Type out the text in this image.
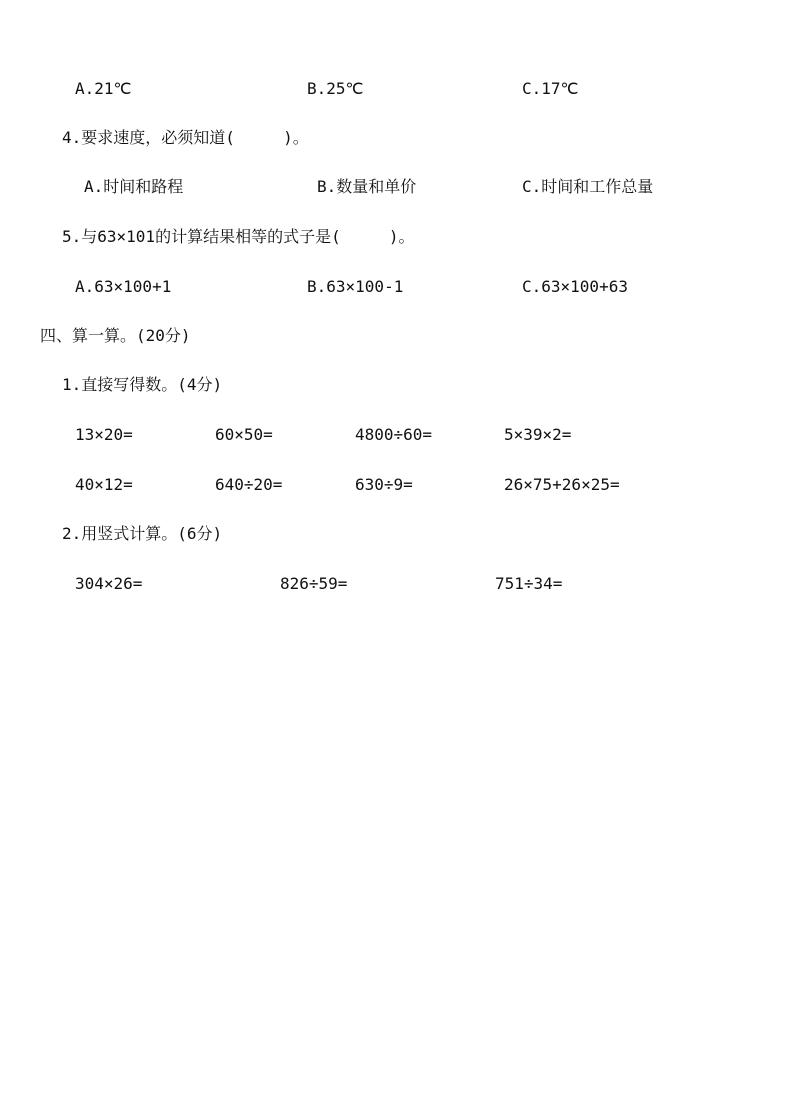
A.21℃	B.25℃	C.17℃
4.要求速度，必须知道(     )。
A.时间和路程	B.数量和单价	C.时间和工作总量
5.与63×101的计算结果相等的式子是(     )。
A.63×100+1	B.63×100-1	C.63×100+63
四、算一算。(20分)
1.直接写得数。(4分)
13×20=	60×50=	4800÷60=	5×39×2=
40×12=	640÷20=	630÷9=	26×75+26×25=
2.用竖式计算。(6分)
304×26=	826÷59=	751÷34=
